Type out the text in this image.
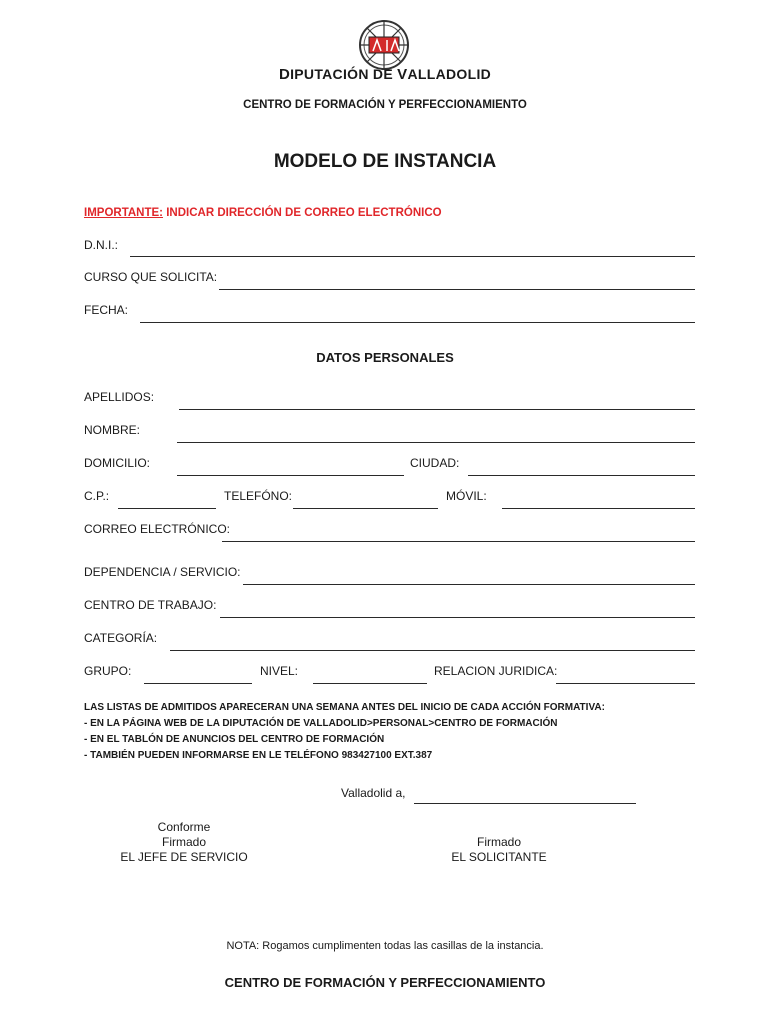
DIPUTACIÓN DE VALLADOLID
CENTRO DE FORMACIÓN Y PERFECCIONAMIENTO
MODELO DE INSTANCIA
IMPORTANTE: INDICAR DIRECCIÓN DE CORREO ELECTRÓNICO
D.N.I.:
CURSO QUE SOLICITA:
FECHA:
DATOS PERSONALES
APELLIDOS:
NOMBRE:
DOMICILIO:	CIUDAD:
C.P.:	TELEFÓNO:	MÓVIL:
CORREO ELECTRÓNICO:
DEPENDENCIA / SERVICIO:
CENTRO DE TRABAJO:
CATEGORÍA:
GRUPO:	NIVEL:	RELACION JURIDICA:
LAS LISTAS DE ADMITIDOS APARECERAN UNA SEMANA ANTES DEL INICIO DE CADA ACCIÓN FORMATIVA:
- EN LA PÁGINA WEB DE LA DIPUTACIÓN DE VALLADOLID>PERSONAL>CENTRO DE FORMACIÓN
- EN EL TABLÓN DE ANUNCIOS DEL CENTRO DE FORMACIÓN
- TAMBIÉN PUEDEN INFORMARSE EN LE TELÉFONO 983427100 EXT.387
Valladolid a,
Conforme
Firmado
EL JEFE DE SERVICIO
Firmado
EL SOLICITANTE
NOTA: Rogamos cumplimenten todas las casillas de la instancia.
CENTRO DE FORMACIÓN Y PERFECCIONAMIENTO
